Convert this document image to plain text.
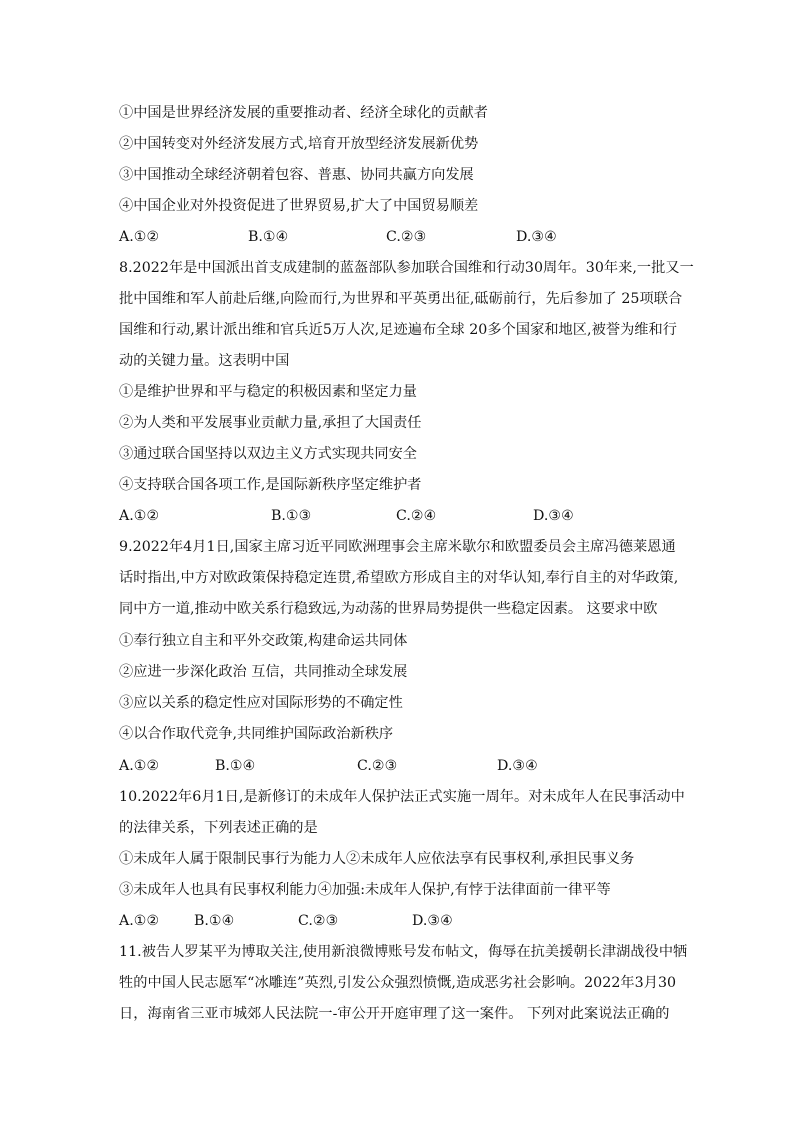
①中国是世界经济发展的重要推动者、经济全球化的贡献者
②中国转变对外经济发展方式,培育开放型经济发展新优势
③中国推动全球经济朝着包容、普惠、协同共赢方向发展
④中国企业对外投资促进了世界贸易,扩大了中国贸易顺差
A.①②	B.①④	C.②③	D.③④
8.2022年是中国派出首支成建制的蓝盔部队参加联合国维和行动30周年。30年来,一批又一
批中国维和军人前赴后继,向险而行,为世界和平英勇出征,砥砺前行，先后参加了 25项联合
国维和行动,累计派出维和官兵近5万人次,足迹遍布全球 20多个国家和地区,被誉为维和行
动的关键力量。这表明中国
①是维护世界和平与稳定的积极因素和坚定力量
②为人类和平发展事业贡献力量,承担了大国责任
③通过联合国坚持以双边主义方式实现共同安全
④支持联合国各项工作,是国际新秩序坚定维护者
A.①②	B.①③	C.②④	D.③④
9.2022年4月1日,国家主席习近平同欧洲理事会主席米歇尔和欧盟委员会主席冯德莱恩通
话时指出,中方对欧政策保持稳定连贯,希望欧方形成自主的对华认知,奉行自主的对华政策,
同中方一道,推动中欧关系行稳致远,为动荡的世界局势提供一些稳定因素。 这要求中欧
①奉行独立自主和平外交政策,构建命运共同体
②应进一步深化政治 互信，共同推动全球发展
③应以关系的稳定性应对国际形势的不确定性
④以合作取代竞争,共同维护国际政治新秩序
A.①②	B.①④	C.②③	D.③④
10.2022年6月1日,是新修订的未成年人保护法正式实施一周年。对未成年人在民事活动中
的法律关系，下列表述正确的是
①未成年人属于限制民事行为能力人②未成年人应依法享有民事权利,承担民事义务
③未成年人也具有民事权利能力④加强:未成年人保护,有悖于法律面前一律平等
A.①② B.①④	C.②③	D.③④
11.被告人罗某平为博取关注,使用新浪微博账号发布帖文，侮辱在抗美援朝长津湖战役中牺
牲的中国人民志愿军“冰雕连”英烈,引发公众强烈愤慨,造成恶劣社会影响。2022年3月30
日，海南省三亚市城郊人民法院一-审公开开庭审理了这一案件。 下列对此案说法正确的
